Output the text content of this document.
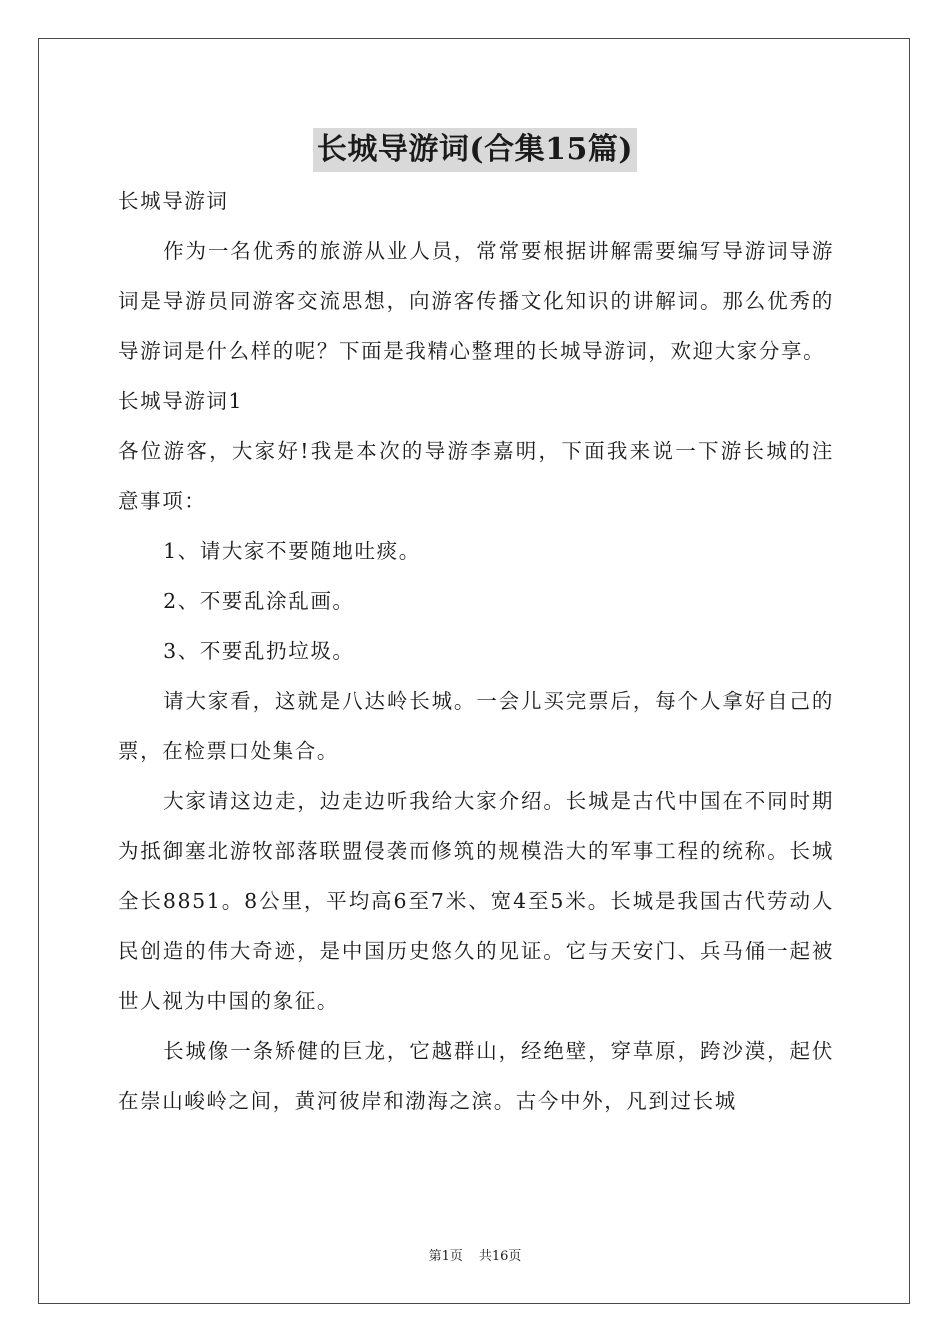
长城导游词(合集15篇)

长城导游词

作为一名优秀的旅游从业人员，常常要根据讲解需要编写导游词导游词是导游员同游客交流思想，向游客传播文化知识的讲解词。那么优秀的导游词是什么样的呢？下面是我精心整理的长城导游词，欢迎大家分享。

长城导游词1

各位游客，大家好!我是本次的导游李嘉明，下面我来说一下游长城的注意事项：

1、请大家不要随地吐痰。

2、不要乱涂乱画。

3、不要乱扔垃圾。

请大家看，这就是八达岭长城。一会儿买完票后，每个人拿好自己的票，在检票口处集合。

大家请这边走，边走边听我给大家介绍。长城是古代中国在不同时期为抵御塞北游牧部落联盟侵袭而修筑的规模浩大的军事工程的统称。长城全长8851。8公里，平均高6至7米、宽4至5米。长城是我国古代劳动人民创造的伟大奇迹，是中国历史悠久的见证。它与天安门、兵马俑一起被世人视为中国的象征。

长城像一条矫健的巨龙，它越群山，经绝壁，穿草原，跨沙漠，起伏在崇山峻岭之间，黄河彼岸和渤海之滨。古今中外，凡到过长城

第1页 共16页
